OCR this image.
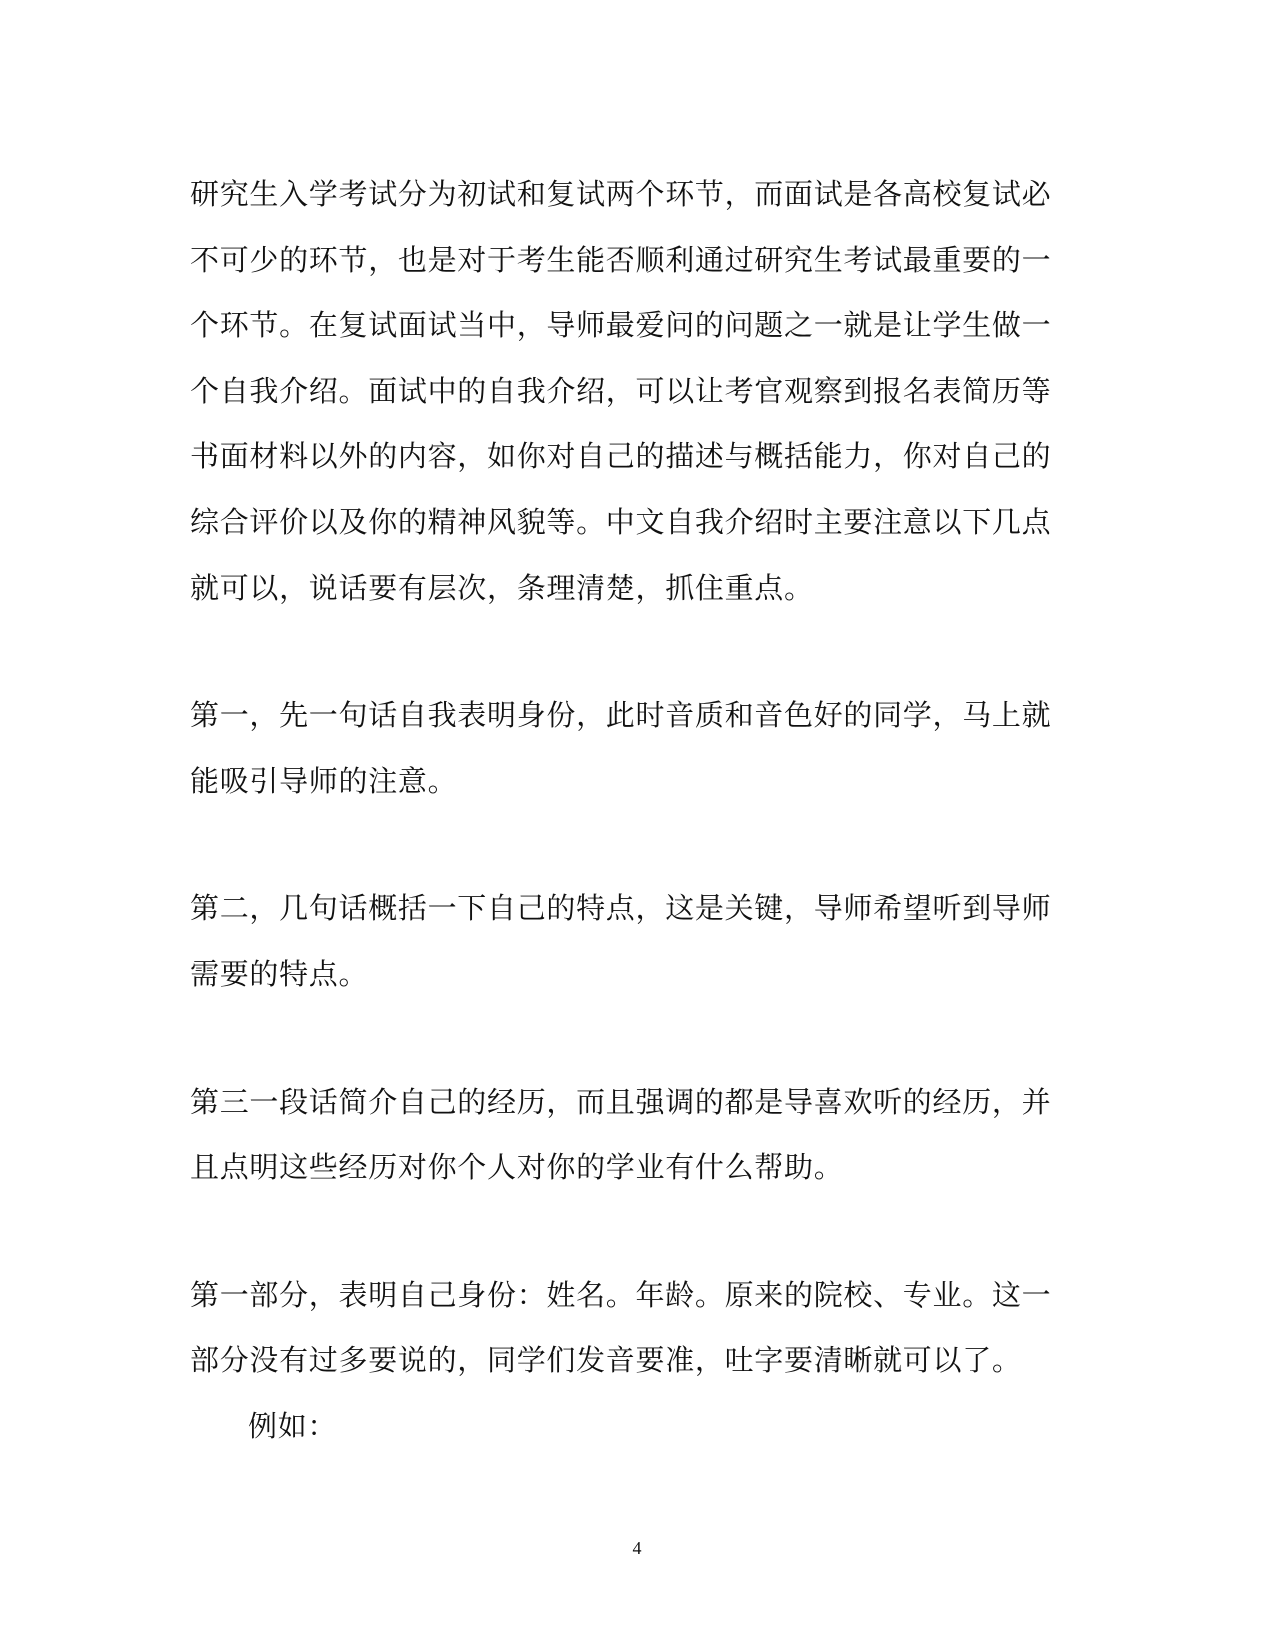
研究生入学考试分为初试和复试两个环节，而面试是各高校复试必不可少的环节，也是对于考生能否顺利通过研究生考试最重要的一个环节。在复试面试当中，导师最爱问的问题之一就是让学生做一个自我介绍。面试中的自我介绍，可以让考官观察到报名表简历等书面材料以外的内容，如你对自己的描述与概括能力，你对自己的综合评价以及你的精神风貌等。中文自我介绍时主要注意以下几点就可以，说话要有层次，条理清楚，抓住重点。

第一，先一句话自我表明身份，此时音质和音色好的同学，马上就能吸引导师的注意。

第二，几句话概括一下自己的特点，这是关键，导师希望听到导师需要的特点。

第三一段话简介自己的经历，而且强调的都是导喜欢听的经历，并且点明这些经历对你个人对你的学业有什么帮助。

第一部分，表明自己身份：姓名。年龄。原来的院校、专业。这一部分没有过多要说的，同学们发音要准，吐字要清晰就可以了。

例如：

4
